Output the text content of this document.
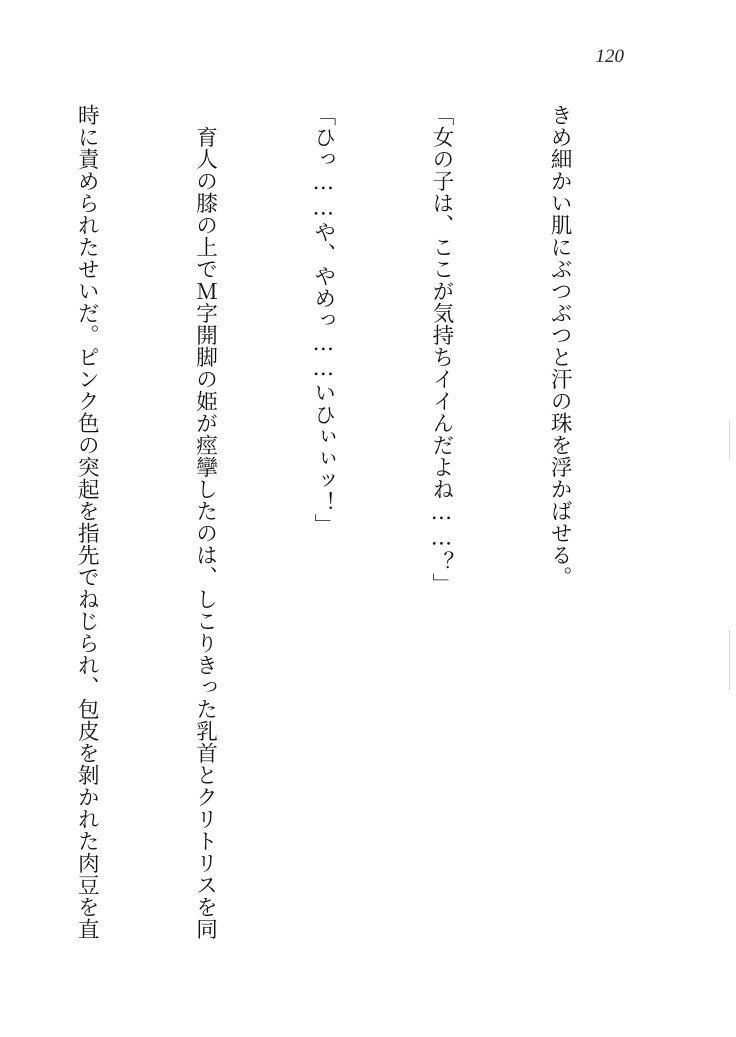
120

きめ細かい肌にぶつぶつと汗の珠を浮かばせる。

「女の子は、ここが気持ちイイんだよね……？」

「ひっ……や、やめっ……いひぃぃッ！」

　育人の膝の上でＭ字開脚の姫が痙攣したのは、しこりきった乳首とクリトリスを同

時に責められたせいだ。ピンク色の突起を指先でねじられ、包皮を剝かれた肉豆を直
